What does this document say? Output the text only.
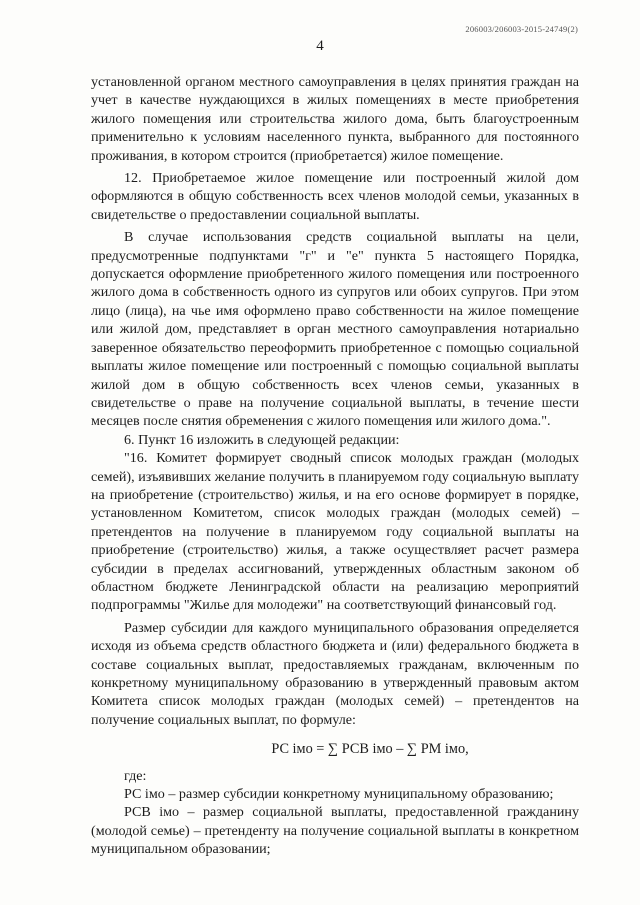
206003/206003-2015-24749(2)
4

установленной органом местного самоуправления в целях принятия граждан на учет в качестве нуждающихся в жилых помещениях в месте приобретения жилого помещения или строительства жилого дома, быть благоустроенным применительно к условиям населенного пункта, выбранного для постоянного проживания, в котором строится (приобретается) жилое помещение.

12. Приобретаемое жилое помещение или построенный жилой дом оформляются в общую собственность всех членов молодой семьи, указанных в свидетельстве о предоставлении социальной выплаты.

В случае использования средств социальной выплаты на цели, предусмотренные подпунктами "г" и "е" пункта 5 настоящего Порядка, допускается оформление приобретенного жилого помещения или построенного жилого дома в собственность одного из супругов или обоих супругов. При этом лицо (лица), на чье имя оформлено право собственности на жилое помещение или жилой дом, представляет в орган местного самоуправления нотариально заверенное обязательство переоформить приобретенное с помощью социальной выплаты жилое помещение или построенный с помощью социальной выплаты жилой дом в общую собственность всех членов семьи, указанных в свидетельстве о праве на получение социальной выплаты, в течение шести месяцев после снятия обременения с жилого помещения или жилого дома.".

6. Пункт 16 изложить в следующей редакции:

"16. Комитет формирует сводный список молодых граждан (молодых семей), изъявивших желание получить в планируемом году социальную выплату на приобретение (строительство) жилья, и на его основе формирует в порядке, установленном Комитетом, список молодых граждан (молодых семей) – претендентов на получение в планируемом году социальной выплаты на приобретение (строительство) жилья, а также осуществляет расчет размера субсидии в пределах ассигнований, утвержденных областным законом об областном бюджете Ленинградской области на реализацию мероприятий подпрограммы "Жилье для молодежи" на соответствующий финансовый год.

Размер субсидии для каждого муниципального образования определяется исходя из объема средств областного бюджета и (или) федерального бюджета в составе социальных выплат, предоставляемых гражданам, включенным по конкретному муниципальному образованию в утвержденный правовым актом Комитета список молодых граждан (молодых семей) – претендентов на получение социальных выплат, по формуле:

РС імо = ∑ РСВ імо – ∑ РМ імо,

где:

РС імо – размер субсидии конкретному муниципальному образованию;

РСВ імо – размер социальной выплаты, предоставленной гражданину (молодой семье) – претенденту на получение социальной выплаты в конкретном муниципальном образовании;
